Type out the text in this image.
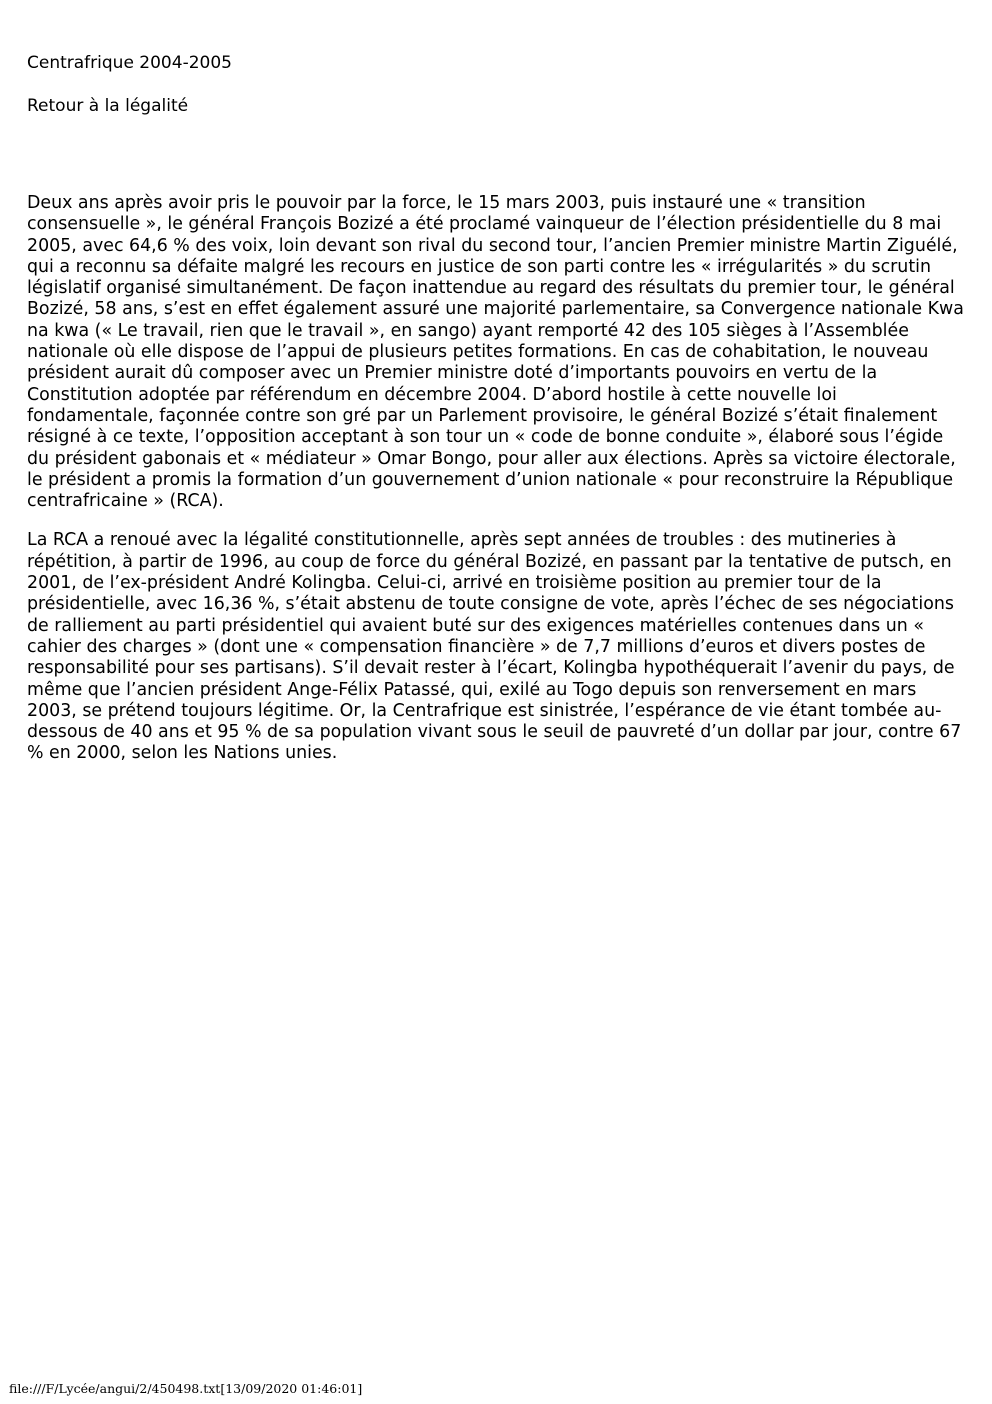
Centrafrique 2004-2005
Retour à la légalité

Deux ans après avoir pris le pouvoir par la force, le 15 mars 2003, puis instauré une « transition consensuelle », le général François Bozizé a été proclamé vainqueur de l’élection présidentielle du 8 mai 2005, avec 64,6 % des voix, loin devant son rival du second tour, l’ancien Premier ministre Martin Ziguélé, qui a reconnu sa défaite malgré les recours en justice de son parti contre les « irrégularités » du scrutin législatif organisé simultanément. De façon inattendue au regard des résultats du premier tour, le général Bozizé, 58 ans, s’est en effet également assuré une majorité parlementaire, sa Convergence nationale Kwa na kwa (« Le travail, rien que le travail », en sango) ayant remporté 42 des 105 sièges à l’Assemblée nationale où elle dispose de l’appui de plusieurs petites formations. En cas de cohabitation, le nouveau président aurait dû composer avec un Premier ministre doté d’importants pouvoirs en vertu de la Constitution adoptée par référendum en décembre 2004. D’abord hostile à cette nouvelle loi fondamentale, façonnée contre son gré par un Parlement provisoire, le général Bozizé s’était finalement résigné à ce texte, l’opposition acceptant à son tour un « code de bonne conduite », élaboré sous l’égide du président gabonais et « médiateur » Omar Bongo, pour aller aux élections. Après sa victoire électorale, le président a promis la formation d’un gouvernement d’union nationale « pour reconstruire la République centrafricaine » (RCA).

La RCA a renoué avec la légalité constitutionnelle, après sept années de troubles : des mutineries à répétition, à partir de 1996, au coup de force du général Bozizé, en passant par la tentative de putsch, en 2001, de l’ex-président André Kolingba. Celui-ci, arrivé en troisième position au premier tour de la présidentielle, avec 16,36 %, s’était abstenu de toute consigne de vote, après l’échec de ses négociations de ralliement au parti présidentiel qui avaient buté sur des exigences matérielles contenues dans un « cahier des charges » (dont une « compensation financière » de 7,7 millions d’euros et divers postes de responsabilité pour ses partisans). S’il devait rester à l’écart, Kolingba hypothéquerait l’avenir du pays, de même que l’ancien président Ange-Félix Patassé, qui, exilé au Togo depuis son renversement en mars 2003, se prétend toujours légitime. Or, la Centrafrique est sinistrée, l’espérance de vie étant tombée au-dessous de 40 ans et 95 % de sa population vivant sous le seuil de pauvreté d’un dollar par jour, contre 67 % en 2000, selon les Nations unies.

file:///F/Lycée/angui/2/450498.txt[13/09/2020 01:46:01]
